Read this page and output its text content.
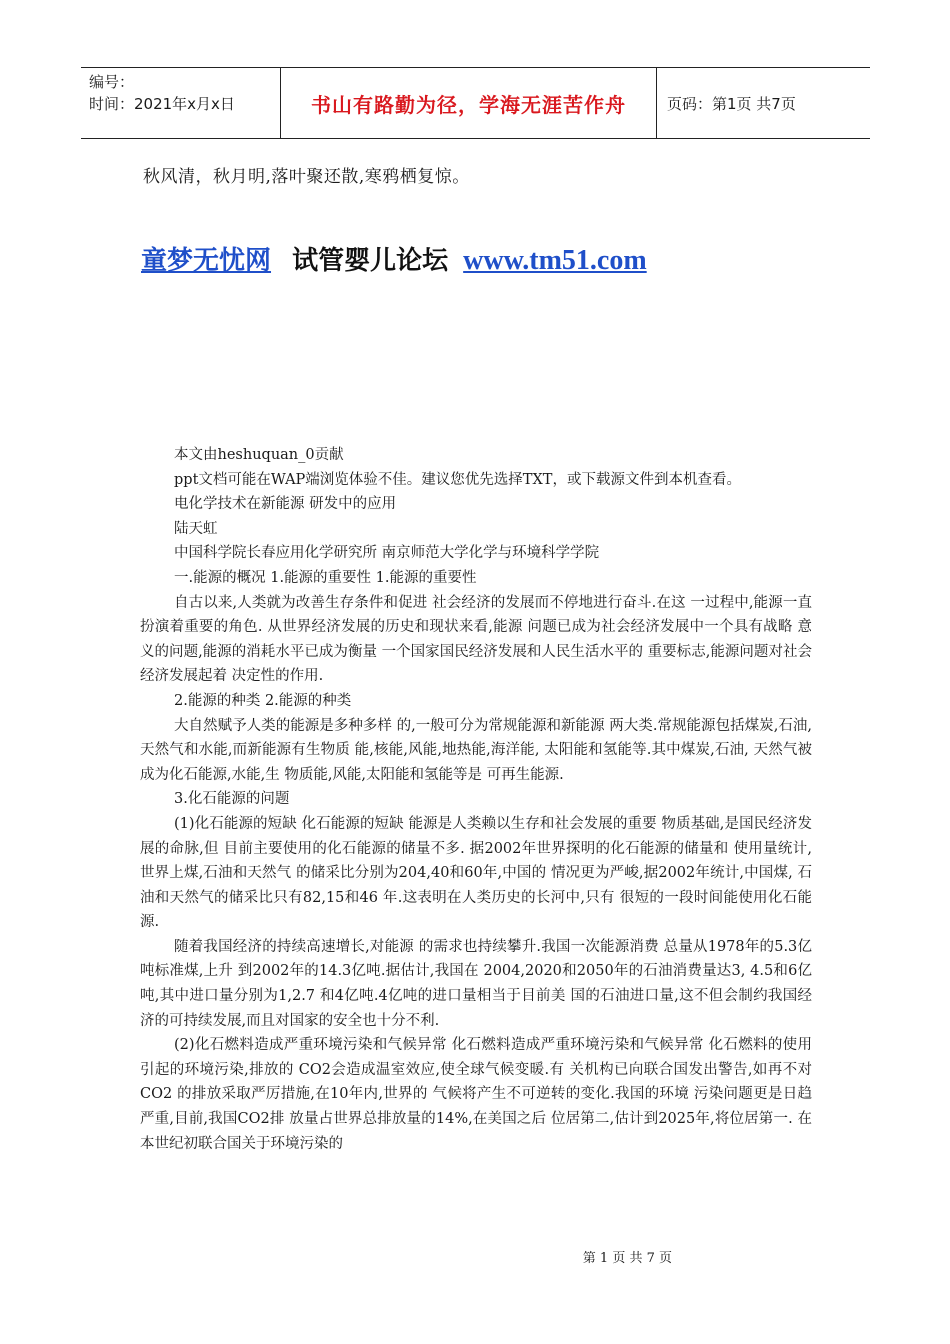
编号：
时间：2021年x月x日	书山有路勤为径，学海无涯苦作舟	页码：第1页 共7页
秋风清，秋月明,落叶聚还散,寒鸦栖复惊。
童梦无忧网 试管婴儿论坛 www.tm51.com

本文由heshuquan_0贡献

ppt文档可能在WAP端浏览体验不佳。建议您优先选择TXT，或下载源文件到本机查看。

电化学技术在新能源 研发中的应用

陆天虹

中国科学院长春应用化学研究所 南京师范大学化学与环境科学学院

一.能源的概况 1.能源的重要性 1.能源的重要性

自古以来,人类就为改善生存条件和促进 社会经济的发展而不停地进行奋斗.在这 一过程中,能源一直扮演着重要的角色. 从世界经济发展的历史和现状来看,能源 问题已成为社会经济发展中一个具有战略 意义的问题,能源的消耗水平已成为衡量 一个国家国民经济发展和人民生活水平的 重要标志,能源问题对社会经济发展起着 决定性的作用.

2.能源的种类 2.能源的种类

大自然赋予人类的能源是多种多样 的,一般可分为常规能源和新能源 两大类.常规能源包括煤炭,石油, 天然气和水能,而新能源有生物质 能,核能,风能,地热能,海洋能, 太阳能和氢能等.其中煤炭,石油, 天然气被成为化石能源,水能,生 物质能,风能,太阳能和氢能等是 可再生能源.

3.化石能源的问题

(1)化石能源的短缺 化石能源的短缺 能源是人类赖以生存和社会发展的重要 物质基础,是国民经济发展的命脉,但 目前主要使用的化石能源的储量不多. 据2002年世界探明的化石能源的储量和 使用量统计,世界上煤,石油和天然气 的储采比分别为204,40和60年,中国的 情况更为严峻,据2002年统计,中国煤, 石油和天然气的储采比只有82,15和46 年.这表明在人类历史的长河中,只有 很短的一段时间能使用化石能源.

随着我国经济的持续高速增长,对能源 的需求也持续攀升.我国一次能源消费 总量从1978年的5.3亿吨标准煤,上升 到2002年的14.3亿吨.据估计,我国在 2004,2020和2050年的石油消费量达3, 4.5和6亿吨,其中进口量分别为1,2.7 和4亿吨.4亿吨的进口量相当于目前美 国的石油进口量,这不但会制约我国经 济的可持续发展,而且对国家的安全也十分不利.

(2)化石燃料造成严重环境污染和气候异常 化石燃料造成严重环境污染和气候异常 化石燃料的使用引起的环境污染,排放的 CO2会造成温室效应,使全球气候变暖.有 关机构已向联合国发出警告,如再不对CO2 的排放采取严厉措施,在10年内,世界的 气候将产生不可逆转的变化.我国的环境 污染问题更是日趋严重,目前,我国CO2排 放量占世界总排放量的14%,在美国之后 位居第二,估计到2025年,将位居第一. 在本世纪初联合国关于环境污染的

第 1 页 共 7 页
